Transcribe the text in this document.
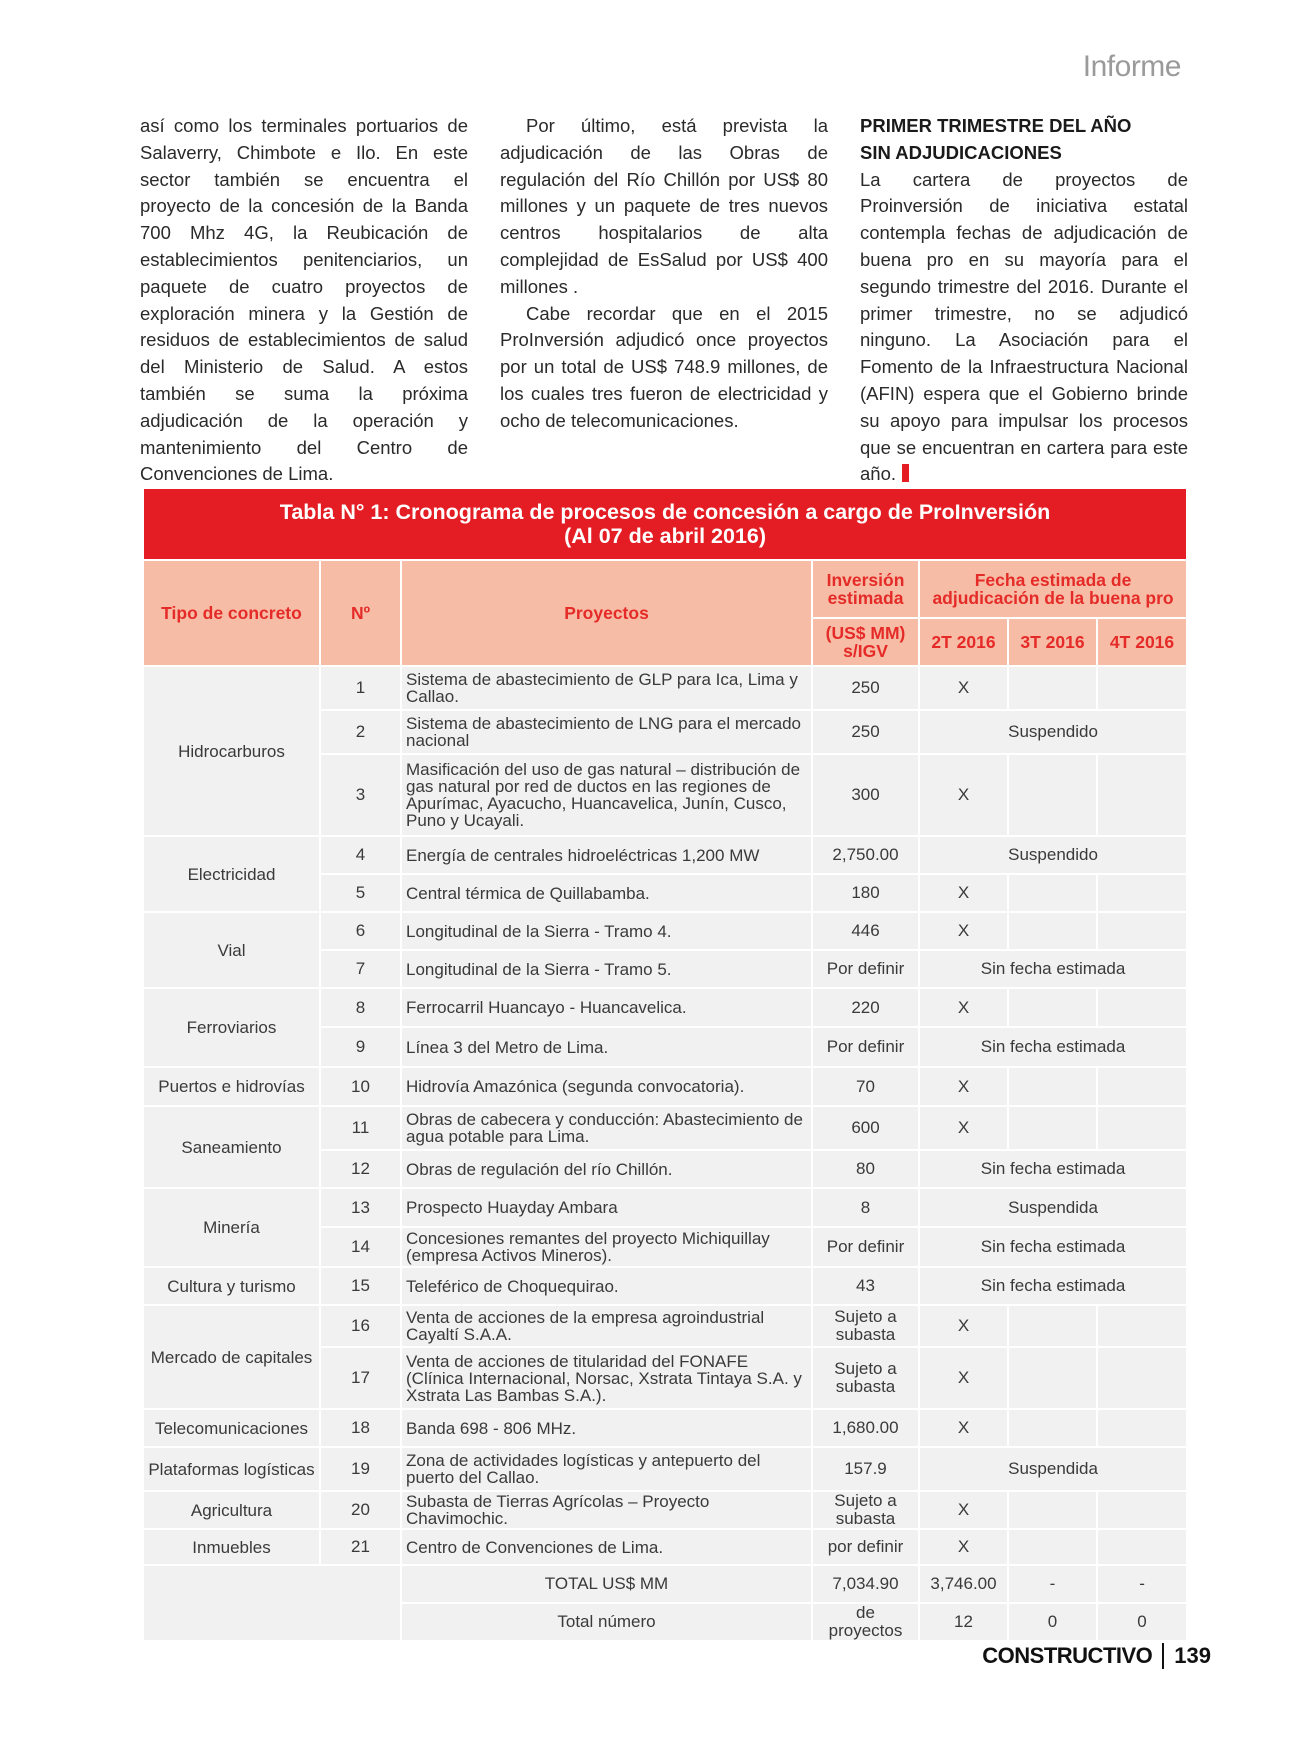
Informe

así como los terminales portuarios de Salaverry, Chimbote e Ilo. En este sector también se encuentra el proyecto de la concesión de la Banda 700 Mhz 4G, la Reubicación de establecimientos penitenciarios, un paquete de cuatro proyectos de exploración minera y la Gestión de residuos de establecimientos de salud del Ministerio de Salud. A estos también se suma la próxima adjudicación de la operación y mantenimiento del Centro de Convenciones de Lima.

Por último, está prevista la adjudicación de las Obras de regulación del Río Chillón por US$ 80 millones y un paquete de tres nuevos centros hospitalarios de alta complejidad de EsSalud por US$ 400 millones .

Cabe recordar que en el 2015 ProInversión adjudicó once proyectos por un total de US$ 748.9 millones, de los cuales tres fueron de electricidad y ocho de telecomunicaciones.

PRIMER TRIMESTRE DEL AÑO
SIN ADJUDICACIONES

La cartera de proyectos de Proinversión de iniciativa estatal contempla fechas de adjudicación de buena pro en su mayoría para el segundo trimestre del 2016. Durante el primer trimestre, no se adjudicó ninguno. La Asociación para el Fomento de la Infraestructura Nacional (AFIN) espera que el Gobierno brinde su apoyo para impulsar los procesos que se encuentran en cartera para este año.

Tabla N° 1: Cronograma de procesos de concesión a cargo de ProInversión
(Al 07 de abril 2016)						
Tipo de concreto	Nº	Proyectos	Inversión estimada	Fecha estimada de adjudicación de la buena pro		
			(US$ MM) s/IGV	2T 2016	3T 2016	4T 2016
Hidrocarburos	1	Sistema de abastecimiento de GLP para Ica, Lima y Callao.	250	X		
	2	Sistema de abastecimiento de LNG para el mercado nacional	250	Suspendido		
	3	Masificación del uso de gas natural – distribución de gas natural por red de ductos en las regiones de Apurímac, Ayacucho, Huancavelica, Junín, Cusco, Puno y Ucayali.	300	X		
Electricidad	4	Energía de centrales hidroeléctricas 1,200 MW	2,750.00	Suspendido		
	5	Central térmica de Quillabamba.	180	X		
Vial	6	Longitudinal de la Sierra - Tramo 4.	446	X		
	7	Longitudinal de la Sierra - Tramo 5.	Por definir	Sin fecha estimada		
Ferroviarios	8	Ferrocarril Huancayo - Huancavelica.	220	X		
	9	Línea 3 del Metro de Lima.	Por definir	Sin fecha estimada		
Puertos e hidrovías	10	Hidrovía Amazónica (segunda convocatoria).	70	X		
Saneamiento	11	Obras de cabecera y conducción: Abastecimiento de agua potable para Lima.	600	X		
	12	Obras de regulación del río Chillón.	80	Sin fecha estimada		
Minería	13	Prospecto Huayday Ambara	8	Suspendida		
	14	Concesiones remantes del proyecto Michiquillay (empresa Activos Mineros).	Por definir	Sin fecha estimada		
Cultura y turismo	15	Teleférico de Choquequirao.	43	Sin fecha estimada		
Mercado de capitales	16	Venta de acciones de la empresa agroindustrial Cayaltí S.A.A.	Sujeto a subasta	X		
	17	Venta de acciones de titularidad del FONAFE (Clínica Internacional, Norsac, Xstrata Tintaya S.A. y Xstrata Las Bambas S.A.).	Sujeto a subasta	X		
Telecomunicaciones	18	Banda 698 - 806 MHz.	1,680.00	X		
Plataformas logísticas	19	Zona de actividades logísticas y antepuerto del puerto del Callao.	157.9	Suspendida		
Agricultura	20	Subasta de Tierras Agrícolas – Proyecto Chavimochic.	Sujeto a subasta	X		
Inmuebles	21	Centro de Convenciones de Lima.	por definir	X		
		TOTAL US$ MM	7,034.90	3,746.00	-	-
		Total número	de proyectos	12	0	0
CONSTRUCTIVO 139
